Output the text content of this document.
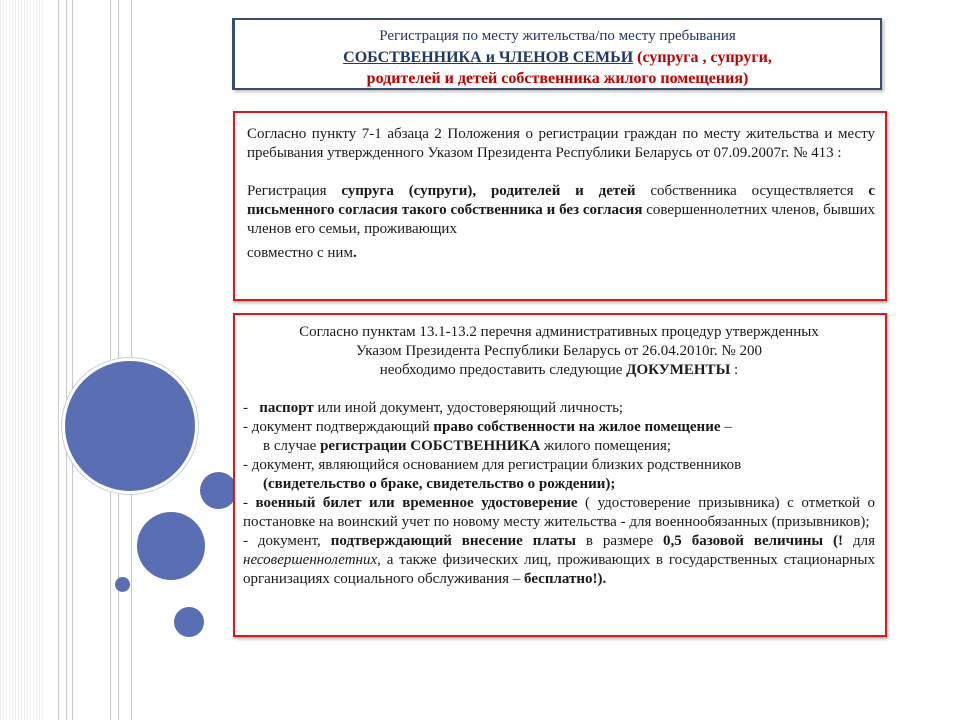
Регистрация по месту жительства/по месту пребывания
СОБСТВЕННИКА и ЧЛЕНОВ СЕМЬИ (супруга , супруги,
родителей и детей собственника жилого помещения)

Согласно пункту 7-1 абзаца 2 Положения о регистрации граждан по месту жительства и месту пребывания утвержденного Указом Президента Республики Беларусь от 07.09.2007г. № 413 :

Регистрация супруга (супруги), родителей и детей собственника осуществляется с письменного согласия такого собственника и без согласия совершеннолетних членов, бывших членов его семьи, проживающих

совместно с ним.

Согласно пунктам 13.1-13.2 перечня административных процедур утвержденных

Указом Президента Республики Беларусь от 26.04.2010г. № 200

необходимо предоставить следующие ДОКУМЕНТЫ :

-   паспорт или иной документ, удостоверяющий личность;

- документ подтверждающий право собственности на жилое помещение –

в случае регистрации СОБСТВЕННИКА жилого помещения;

- документ, являющийся основанием для регистрации близких родственников

(свидетельство о браке, свидетельство о рождении);

- военный билет или временное удостоверение ( удостоверение призывника) с отметкой о постановке на воинский учет по новому месту жительства - для военнообязанных (призывников);

- документ, подтверждающий внесение платы в размере 0,5 базовой величины (! для несовершеннолетних, а также физических лиц, проживающих в государственных стационарных организациях социального обслуживания – бесплатно!).
